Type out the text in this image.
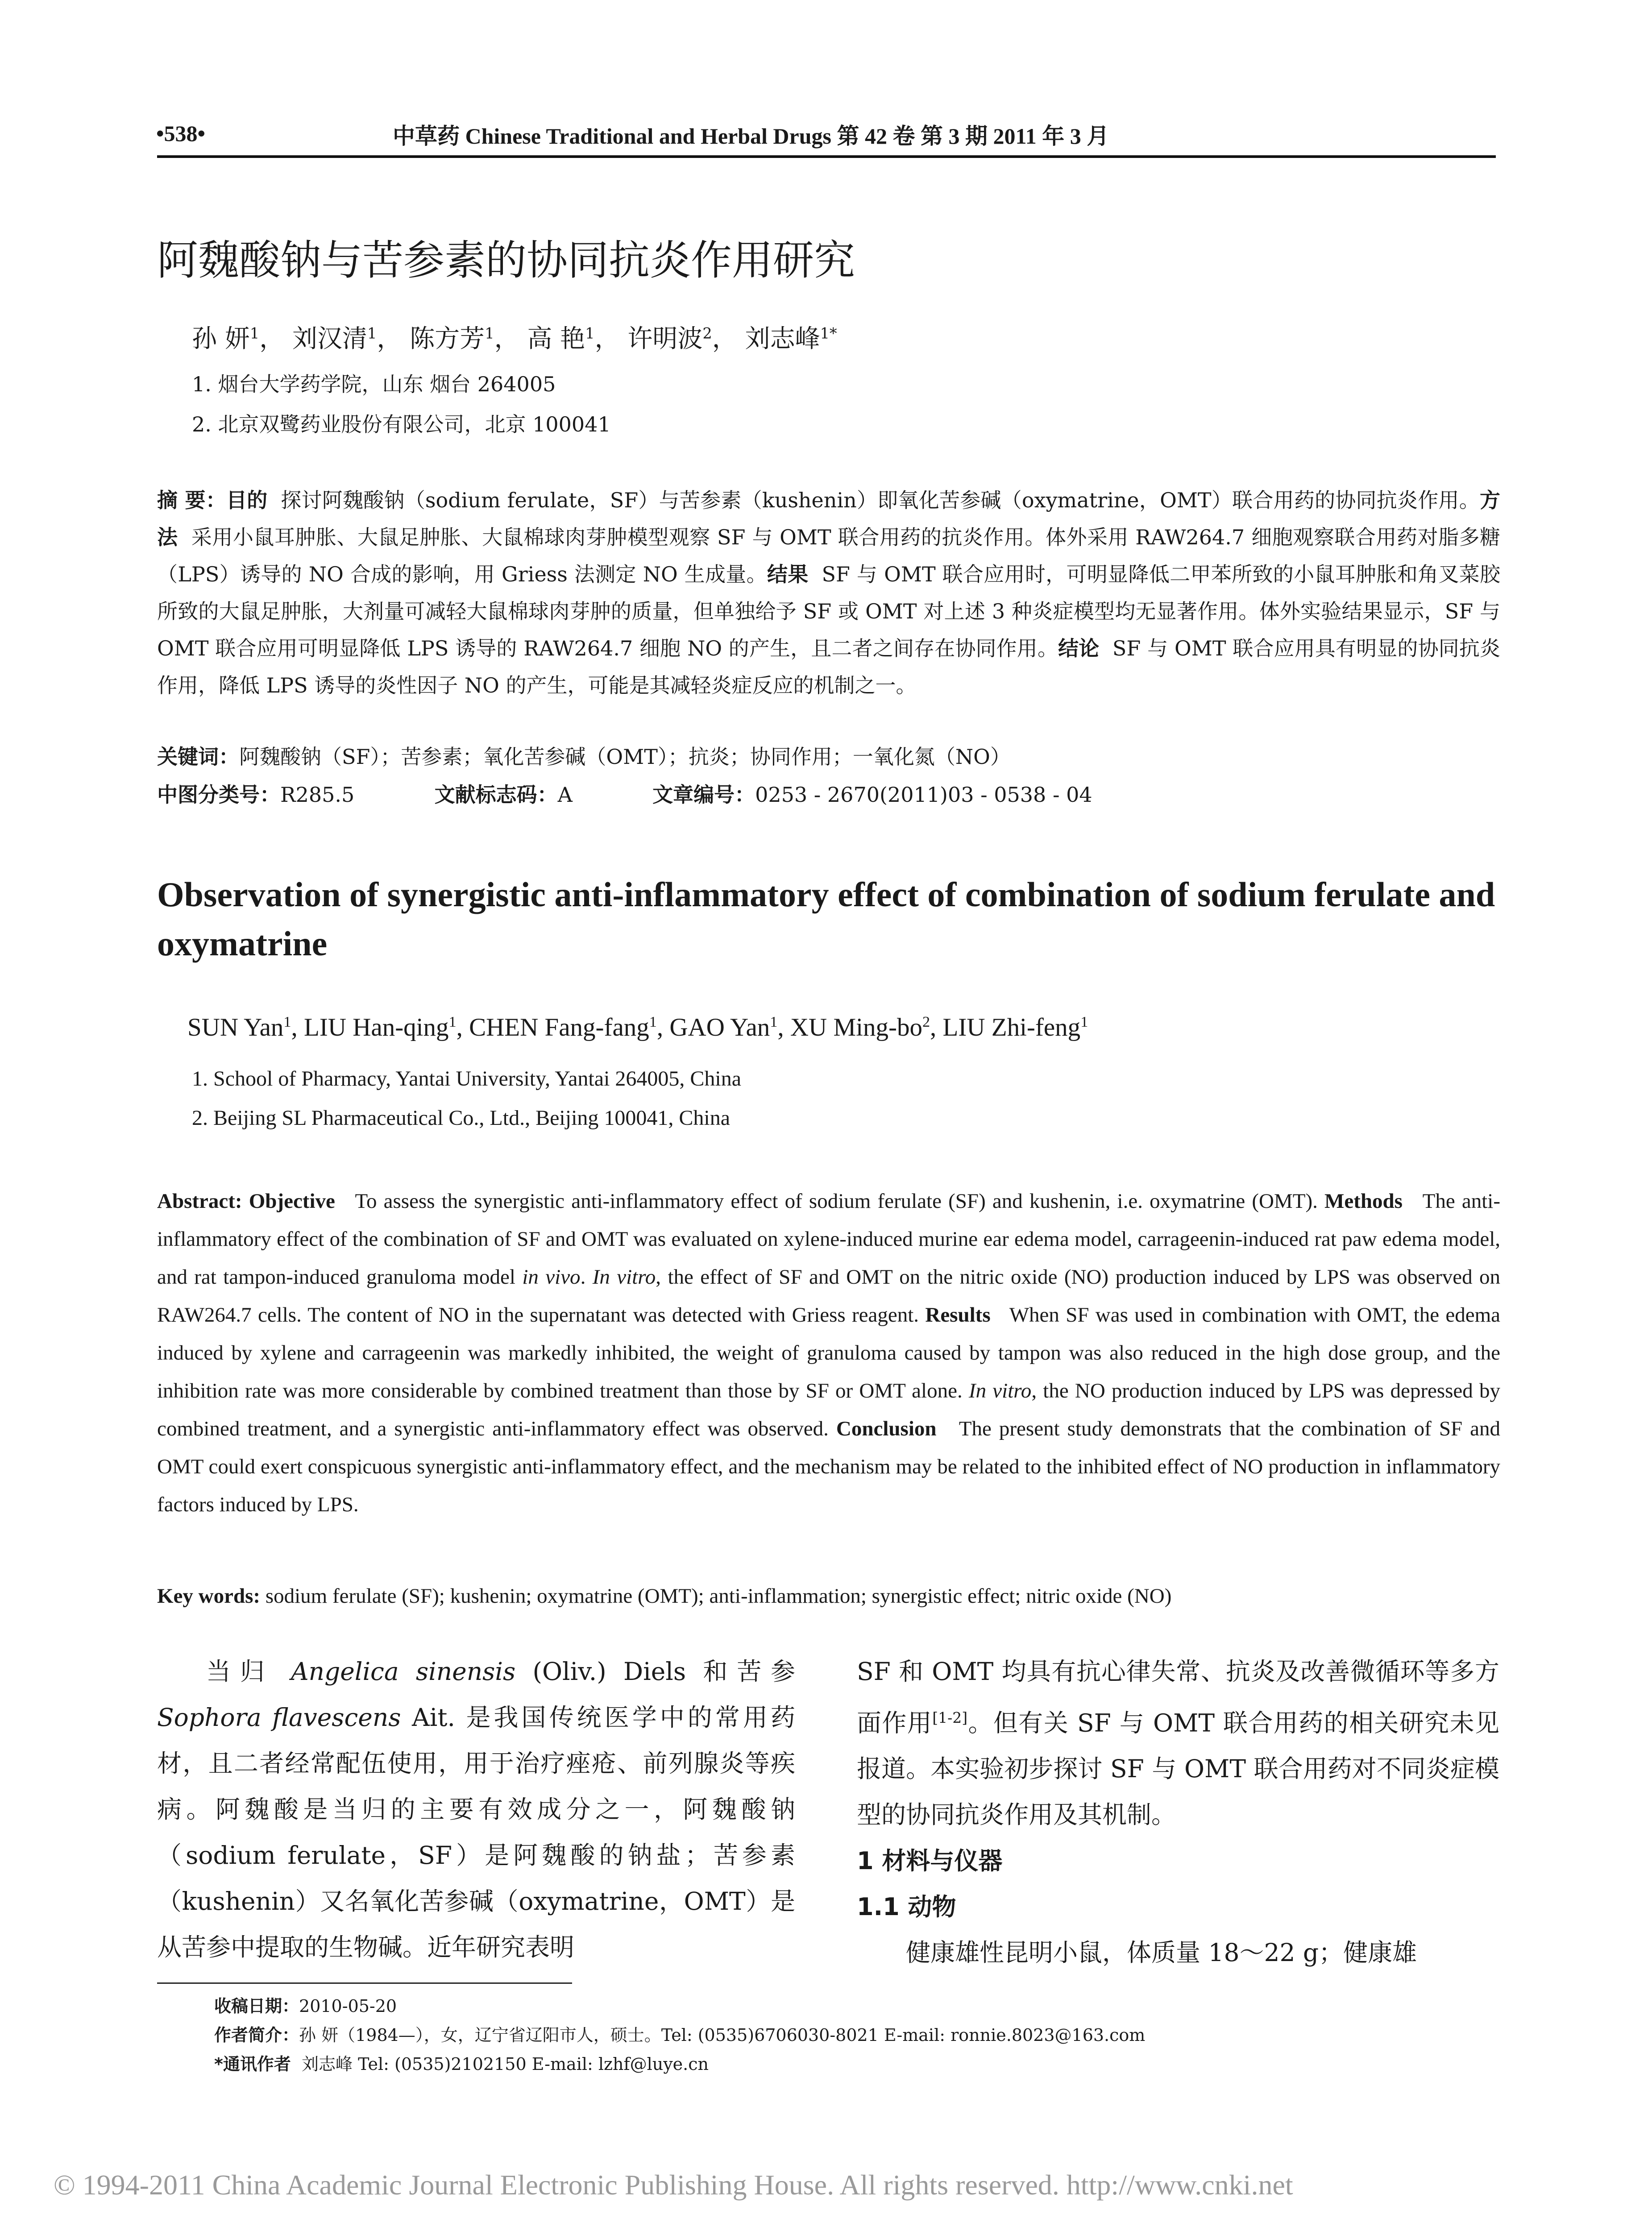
•538•	中草药 Chinese Traditional and Herbal Drugs 第 42 卷 第 3 期 2011 年 3 月
阿魏酸钠与苦参素的协同抗炎作用研究
孙 妍$^1$， 刘汉清$^1$， 陈方芳$^1$， 高 艳$^1$， 许明波$^2$， 刘志峰$^{1*}$
1. 烟台大学药学院，山东 烟台 264005
2. 北京双鹭药业股份有限公司，北京 100041
摘 要：目的 探讨阿魏酸钠（sodium ferulate，SF）与苦参素（kushenin）即氧化苦参碱（oxymatrine，OMT）联合用药的协同抗炎作用。方法 采用小鼠耳肿胀、大鼠足肿胀、大鼠棉球肉芽肿模型观察 SF 与 OMT 联合用药的抗炎作用。体外采用 RAW264.7 细胞观察联合用药对脂多糖（LPS）诱导的 NO 合成的影响，用 Griess 法测定 NO 生成量。结果 SF 与 OMT 联合应用时，可明显降低二甲苯所致的小鼠耳肿胀和角叉菜胶所致的大鼠足肿胀，大剂量可减轻大鼠棉球肉芽肿的质量，但单独给予 SF 或 OMT 对上述 3 种炎症模型均无显著作用。体外实验结果显示，SF 与 OMT 联合应用可明显降低 LPS 诱导的 RAW264.7 细胞 NO 的产生，且二者之间存在协同作用。结论 SF 与 OMT 联合应用具有明显的协同抗炎作用，降低 LPS 诱导的炎性因子 NO 的产生，可能是其减轻炎症反应的机制之一。
关键词：阿魏酸钠（SF）；苦参素；氧化苦参碱（OMT）；抗炎；协同作用；一氧化氮（NO）
中图分类号：R285.5	文献标志码：A	文章编号：0253 - 2670(2011)03 - 0538 - 04
Observation of synergistic anti-inflammatory effect of combination of sodium ferulate and oxymatrine
SUN Yan$^1$, LIU Han-qing$^1$, CHEN Fang-fang$^1$, GAO Yan$^1$, XU Ming-$bo^2$, LIU Zhi-feng$^1$
1. School of Pharmacy, Yantai University, Yantai 264005, China
2. Beijing SL Pharmaceutical Co., Ltd., Beijing 100041, China
Abstract: Objective To assess the synergistic anti-inflammatory effect of sodium ferulate (SF) and kushenin, i.e. oxymatrine (OMT). Methods The anti-inflammatory effect of the combination of SF and OMT was evaluated on xylene-induced murine ear edema model, carrageenin-induced rat paw edema model, and rat tampon-induced granuloma model in vivo. In vitro, the effect of SF and OMT on the nitric oxide (NO) production induced by LPS was observed on RAW264.7 cells. The content of NO in the supernatant was detected with Griess reagent. Results When SF was used in combination with OMT, the edema induced by xylene and carrageenin was markedly inhibited, the weight of granuloma caused by tampon was also reduced in the high dose group, and the inhibition rate was more considerable by combined treatment than those by SF or OMT alone. In vitro, the NO production induced by LPS was depressed by combined treatment, and a synergistic anti-inflammatory effect was observed. Conclusion The present study demonstrats that the combination of SF and OMT could exert conspicuous synergistic anti-inflammatory effect, and the mechanism may be related to the inhibited effect of NO production in inflammatory factors induced by LPS.
Key words: sodium ferulate (SF); kushenin; oxymatrine (OMT); anti-inflammation; synergistic effect; nitric oxide (NO)
当归 Angelica sinensis (Oliv.) Diels 和苦参 Sophora flavescens Ait. 是我国传统医学中的常用药材，且二者经常配伍使用，用于治疗痤疮、前列腺炎等疾病。阿魏酸是当归的主要有效成分之一，阿魏酸钠（sodium ferulate，SF）是阿魏酸的钠盐；苦参素（kushenin）又名氧化苦参碱（oxymatrine，OMT）是从苦参中提取的生物碱。近年研究表明
SF 和 OMT 均具有抗心律失常、抗炎及改善微循环等多方面作用[1-2]。但有关 SF 与 OMT 联合用药的相关研究未见报道。本实验初步探讨 SF 与 OMT 联合用药对不同炎症模型的协同抗炎作用及其机制。
1 材料与仪器
1.1 动物
健康雄性昆明小鼠，体质量 18～22 g；健康雄
收稿日期：2010-05-20
作者简介：孙 妍（1984—），女，辽宁省辽阳市人，硕士。Tel: (0535)6706030-8021 E-mail: ronnie.8023@163.com
*通讯作者 刘志峰 Tel: (0535)2102150 E-mail: lzhf@luye.cn
© 1994-2011 China Academic Journal Electronic Publishing House. All rights reserved. http://www.cnki.net
